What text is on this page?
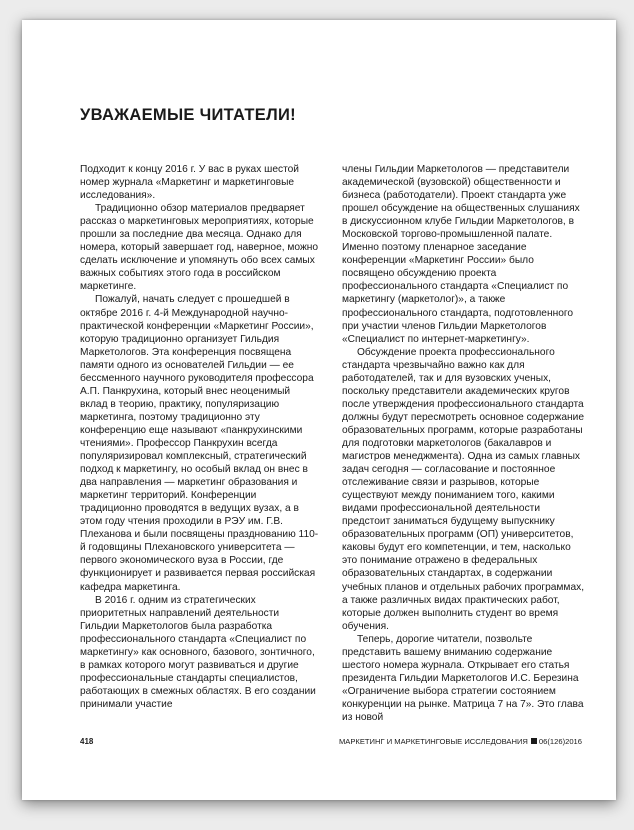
УВАЖАЕМЫЕ ЧИТАТЕЛИ!

Подходит к концу 2016 г. У вас в руках шестой номер журнала «Маркетинг и маркетинговые исследования».

Традиционно обзор материалов предваряет рассказ о маркетинговых мероприятиях, которые прошли за последние два месяца. Однако для номера, который завершает год, наверное, можно сделать исключение и упомянуть обо всех самых важных событиях этого года в российском маркетинге.

Пожалуй, начать следует с прошедшей в октябре 2016 г. 4-й Международной научно-практической конференции «Маркетинг России», которую традиционно организует Гильдия Маркетологов. Эта конференция посвящена памяти одного из основателей Гильдии — ее бессменного научного руководителя профессора А.П. Панкрухина, который внес неоценимый вклад в теорию, практику, популяризацию маркетинга, поэтому традиционно эту конференцию еще называют «панкрухинскими чтениями». Профессор Панкрухин всегда популяризировал комплексный, стратегический подход к маркетингу, но особый вклад он внес в два направления — маркетинг образования и маркетинг территорий. Конференции традиционно проводятся в ведущих вузах, а в этом году чтения проходили в РЭУ им. Г.В. Плеханова и были посвящены празднованию 110-й годовщины Плехановского университета — первого экономического вуза в России, где функционирует и развивается первая российская кафедра маркетинга.

В 2016 г. одним из стратегических приоритетных направлений деятельности Гильдии Маркетологов была разработка профессионального стандарта «Специалист по маркетингу» как основного, базового, зонтичного, в рамках которого могут развиваться и другие профессиональные стандарты специалистов, работающих в смежных областях. В его создании принимали участие

члены Гильдии Маркетологов — представители академической (вузовской) общественности и бизнеса (работодатели). Проект стандарта уже прошел обсуждение на общественных слушаниях в дискуссионном клубе Гильдии Маркетологов, в Московской торгово-промышленной палате. Именно поэтому пленарное заседание конференции «Маркетинг России» было посвящено обсуждению проекта профессионального стандарта «Специалист по маркетингу (маркетолог)», а также профессионального стандарта, подготовленного при участии членов Гильдии Маркетологов «Специалист по интернет-маркетингу».

Обсуждение проекта профессионального стандарта чрезвычайно важно как для работодателей, так и для вузовских ученых, поскольку представители академических кругов после утверждения профессионального стандарта должны будут пересмотреть основное содержание образовательных программ, которые разработаны для подготовки маркетологов (бакалавров и магистров менеджмента). Одна из самых главных задач сегодня — согласование и постоянное отслеживание связи и разрывов, которые существуют между пониманием того, какими видами профессиональной деятельности предстоит заниматься будущему выпускнику образовательных программ (ОП) университетов, каковы будут его компетенции, и тем, насколько это понимание отражено в федеральных образовательных стандартах, в содержании учебных планов и отдельных рабочих программах, а также различных видах практических работ, которые должен выполнить студент во время обучения.

Теперь, дорогие читатели, позвольте представить вашему вниманию содержание шестого номера журнала. Открывает его статья президента Гильдии Маркетологов И.С. Березина «Ограничение выбора стратегии состоянием конкуренции на рынке. Матрица 7 на 7». Это глава из новой

418	МАРКЕТИНГ И МАРКЕТИНГОВЫЕ ИССЛЕДОВАНИЯ 06(126)2016
